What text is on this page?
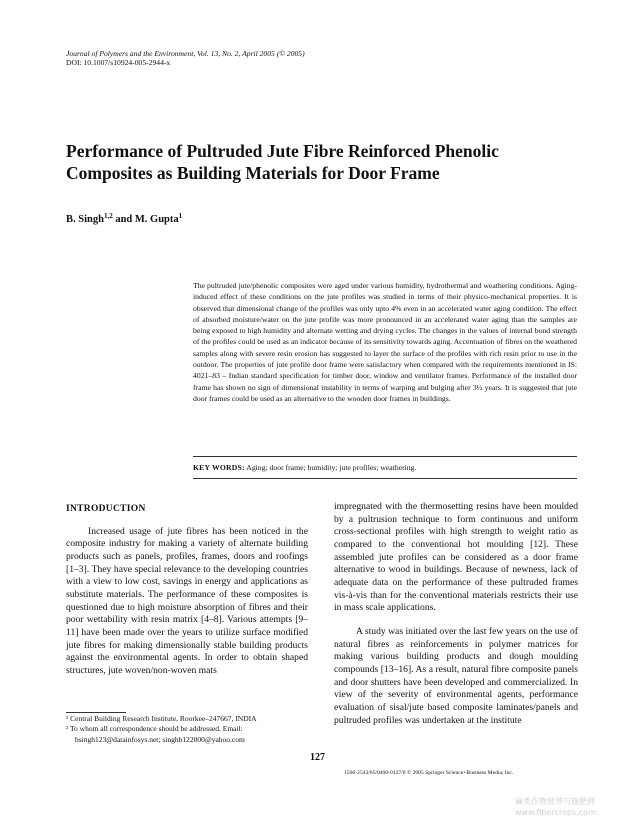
Journal of Polymers and the Environment, Vol. 13, No. 2, April 2005 (© 2005)
DOI: 10.1007/s10924-005-2944-x
Performance of Pultruded Jute Fibre Reinforced Phenolic
Composites as Building Materials for Door Frame
B. Singh$^{1,2}$ and M. Gupta$^1$
The pultruded jute/phenolic composites were aged under various humidity, hydrothermal and weathering conditions. Aging-induced effect of these conditions on the jute profiles was studied in terms of their physico-mechanical properties. It is observed that dimensional change of the profiles was only upto 4% even in an accelerated water aging condition. The effect of absorbed moisture/water on the jute profile was more pronounced in an accelerated water aging than the samples are being exposed to high humidity and alternate wetting and drying cycles. The changes in the values of internal bond strength of the profiles could be used as an indicator because of its sensitivity towards aging. Accentuation of fibres on the weathered samples along with severe resin erosion has suggested to layer the surface of the profiles with rich resin prior to use in the outdoor. The properties of jute profile door frame were satisfactory when compared with the requirements mentioned in IS: 4021–83 – Indian standard specification for timber door, window and ventilator frames. Performance of the installed door frame has shown no sign of dimensional instability in terms of warping and bulging after 3½ years. It is suggested that jute door frames could be used as an alternative to the wooden door frames in buildings.
KEY WORDS: Aging; door frame; humidity; jute profiles; weathering.
INTRODUCTION

Increased usage of jute fibres has been noticed in the composite industry for making a variety of alternate building products such as panels, profiles, frames, doors and roofings [1–3]. They have special relevance to the developing countries with a view to low cost, savings in energy and applications as substitute materials. The performance of these composites is questioned due to high moisture absorption of fibres and their poor wettability with resin matrix [4–8]. Various attempts [9–11] have been made over the years to utilize surface modified jute fibres for making dimensionally stable building products against the environmental agents. In order to obtain shaped structures, jute woven/non-woven mats

impregnated with the thermosetting resins have been moulded by a pultrusion technique to form continuous and uniform cross-sectional profiles with high strength to weight ratio as compared to the conventional hot moulding [12]. These assembled jute profiles can be considered as a door frame alternative to wood in buildings. Because of newness, lack of adequate data on the performance of these pultruded frames vis-à-vis than for the conventional materials restricts their use in mass scale applications.

A study was initiated over the last few years on the use of natural fibres as reinforcements in polymer matrices for making various building products and dough moulding compounds [13–16]. As a result, natural fibre composite panels and door shutters have been developed and commercialized. In view of the severity of environmental agents, performance evaluation of sisal/jute based composite laminates/panels and pultruded profiles was undertaken at the institute

¹ Central Building Research Institute, Roorkee–247667, INDIA

² To whom all correspondence should be addressed. Email:

bsingh123@datainfosys.net; singhb122000@yahoo.com

127
1566-2543/05/0400-0127/0 © 2005 Springer Science+Business Media, Inc.
麻类作物营养与施肥网
www.fibercrops.com
